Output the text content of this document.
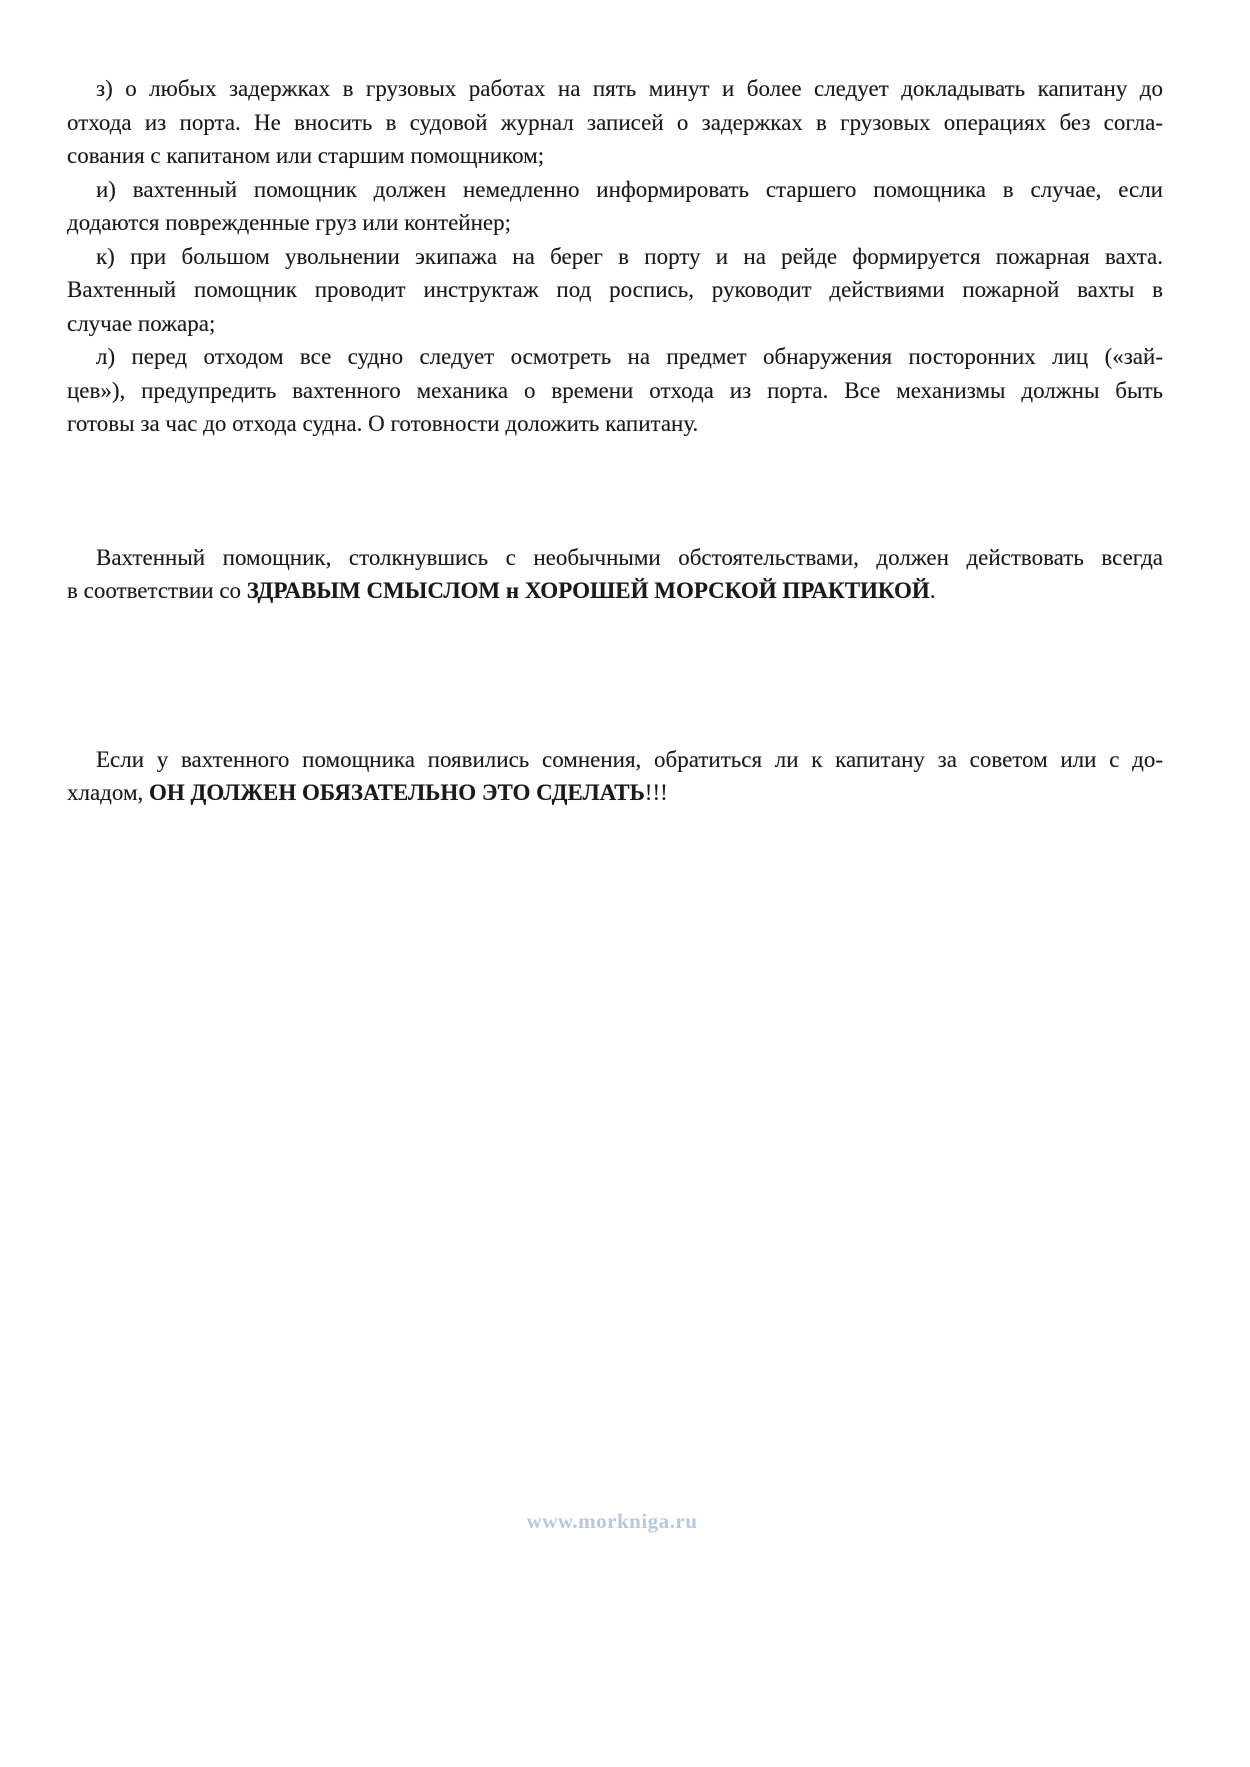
з) о любых задержках в грузовых работах на пять минут и более следует докладывать капитану до
отхода из порта. Не вносить в судовой журнал записей о задержках в грузовых операциях без согла-
сования с капитаном или старшим помощником;
и) вахтенный помощник должен немедленно информировать старшего помощника в случае, если
додаются поврежденные груз или контейнер;
к) при большом увольнении экипажа на берег в порту и на рейде формируется пожарная вахта.
Вахтенный помощник проводит инструктаж под роспись, руководит действиями пожарной вахты в
случае пожара;
л) перед отходом все судно следует осмотреть на предмет обнаружения посторонних лиц («зай-
цев»), предупредить вахтенного механика о времени отхода из порта. Все механизмы должны быть
готовы за час до отхода судна. О готовности доложить капитану.
Вахтенный помощник, столкнувшись с необычными обстоятельствами, должен действовать всегда
в соответствии со ЗДРАВЫМ СМЫСЛОМ н ХОРОШЕЙ МОРСКОЙ ПРАКТИКОЙ.
Если у вахтенного помощника появились сомнения, обратиться ли к капитану за советом или с до-
хладом, ОН ДОЛЖЕН ОБЯЗАТЕЛЬНО ЭТО СДЕЛАТЬ!!!
www.morkniga.ru
